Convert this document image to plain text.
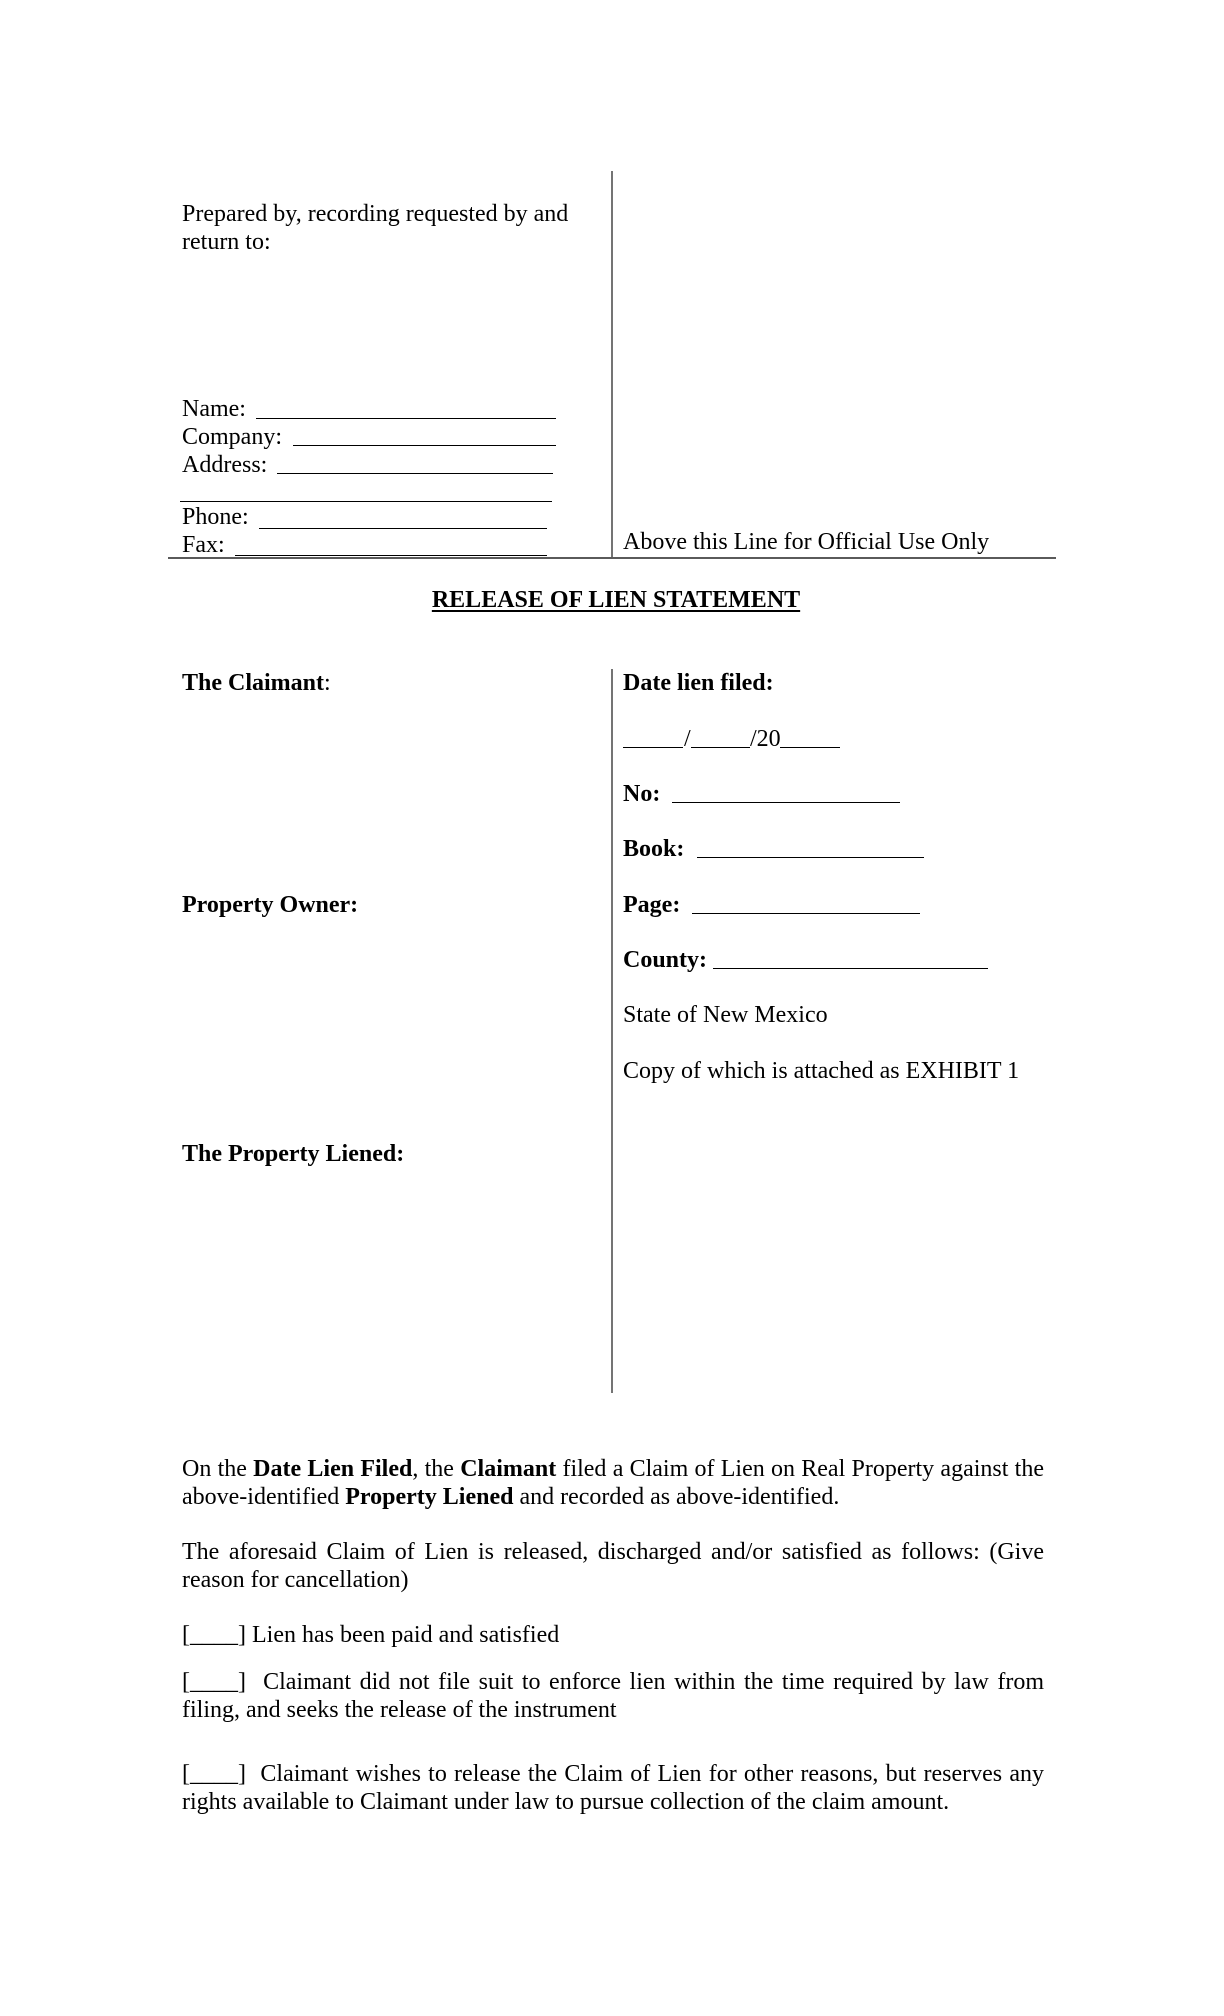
Prepared by, recording requested by and return to:
Name:
Company:
Address:
Phone:
Fax:	Above this Line for Official Use Only
RELEASE OF LIEN STATEMENT
The Claimant:
Property Owner:
The Property Liened:
Date lien filed:
/ /20
No:
Book:
Page:
County:
State of New Mexico
Copy of which is attached as EXHIBIT 1
On the Date Lien Filed, the Claimant filed a Claim of Lien on Real Property against the above-identified Property Liened and recorded as above-identified.
The aforesaid Claim of Lien is released, discharged and/or satisfied as follows: (Give reason for cancellation)
[____] Lien has been paid and satisfied
[____] Claimant did not file suit to enforce lien within the time required by law from filing, and seeks the release of the instrument
[____] Claimant wishes to release the Claim of Lien for other reasons, but reserves any rights available to Claimant under law to pursue collection of the claim amount.
